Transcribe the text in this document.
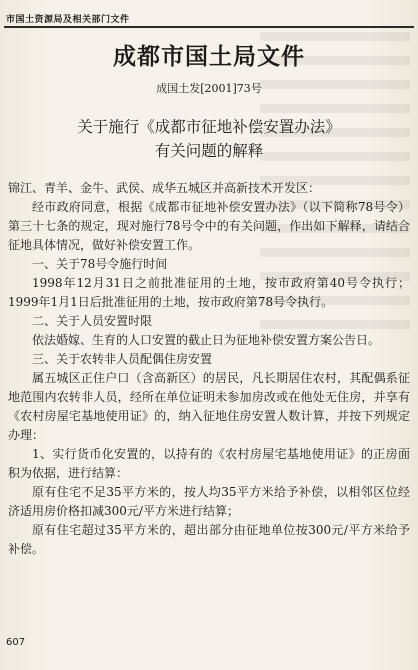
市国土资源局及相关部门文件
成都市国土局文件
成国土发[2001]73号
关于施行《成都市征地补偿安置办法》
有关问题的解释

锦江、青羊、金牛、武侯、成华五城区并高新技术开发区：

经市政府同意，根据《成都市征地补偿安置办法》（以下简称78号令）第三十七条的规定，现对施行78号令中的有关问题，作出如下解释，请结合征地具体情况，做好补偿安置工作。

一、关于78号令施行时间

1998年12月31日之前批准征用的土地，按市政府第40号令执行；1999年1月1日后批准征用的土地，按市政府第78号令执行。

二、关于人员安置时限

依法婚嫁、生育的人口安置的截止日为征地补偿安置方案公告日。

三、关于农转非人员配偶住房安置

属五城区正住户口（含高新区）的居民，凡长期居住农村，其配偶系征地范围内农转非人员，经所在单位证明未参加房改或在他处无住房，并享有《农村房屋宅基地使用证》的，纳入征地住房安置人数计算，并按下列规定办理：

1、实行货币化安置的，以持有的《农村房屋宅基地使用证》的正房面积为依据，进行结算：

原有住宅不足35平方米的，按人均35平方米给予补偿，以相邻区位经济适用房价格扣减300元/平方米进行结算；

原有住宅超过35平方米的，超出部分由征地单位按300元/平方米给予补偿。

607
